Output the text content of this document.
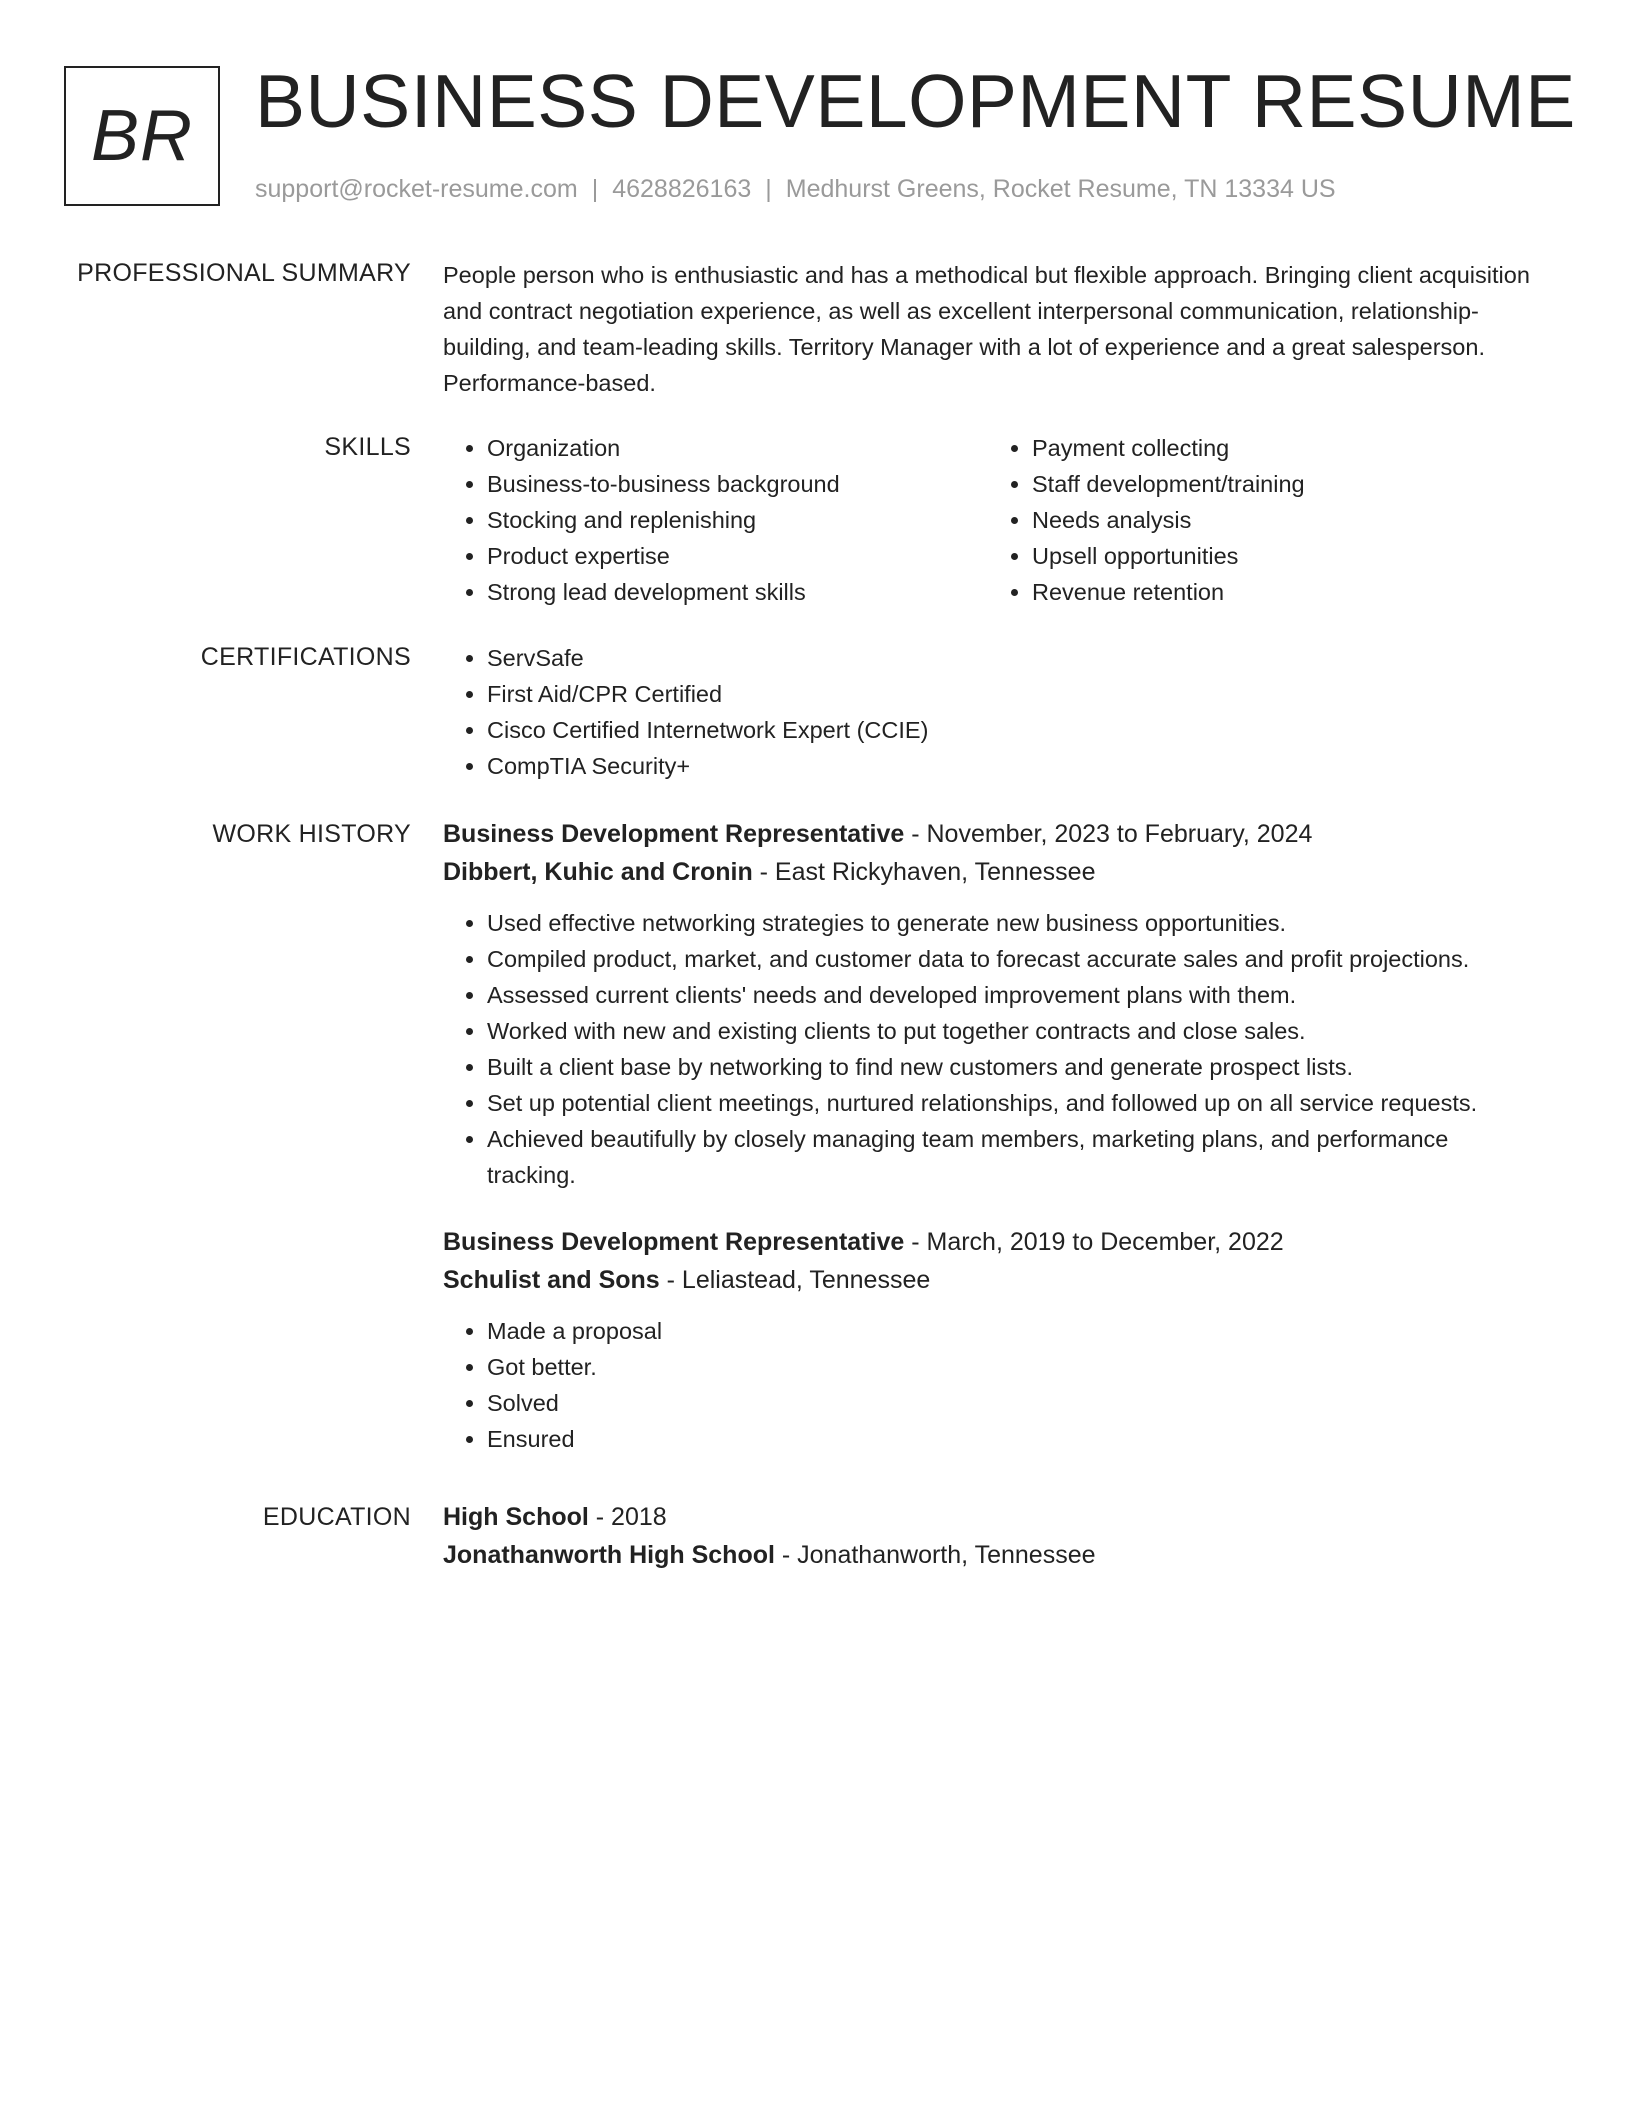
BR BUSINESS DEVELOPMENT RESUME
support@rocket-resume.com | 4628826163 | Medhurst Greens, Rocket Resume, TN 13334 US
PROFESSIONAL SUMMARY People person who is enthusiastic and has a methodical but flexible approach. Bringing client acquisition and contract negotiation experience, as well as excellent interpersonal communication, relationship-building, and team-leading skills. Territory Manager with a lot of experience and a great salesperson. Performance-based.

SKILLS	• Organization
• Business-to-business background
• Stocking and replenishing
• Product expertise
• Strong lead development skills
• Payment collecting
• Staff development/training
• Needs analysis
• Upsell opportunities
• Revenue retention
CERTIFICATIONS	• ServSafe
• First Aid/CPR Certified
• Cisco Certified Internetwork Expert (CCIE)
• CompTIA Security+
WORK HISTORY Business Development Representative - November, 2023 to February, 2024
Dibbert, Kuhic and Cronin - East Rickyhaven, Tennessee
• Used effective networking strategies to generate new business opportunities.
• Compiled product, market, and customer data to forecast accurate sales and profit projections.
• Assessed current clients' needs and developed improvement plans with them.
• Worked with new and existing clients to put together contracts and close sales.
• Built a client base by networking to find new customers and generate prospect lists.
• Set up potential client meetings, nurtured relationships, and followed up on all service requests.
• Achieved beautifully by closely managing team members, marketing plans, and performance tracking.
Business Development Representative - March, 2019 to December, 2022
Schulist and Sons - Leliastead, Tennessee
• Made a proposal
• Got better.
• Solved
• Ensured
EDUCATION High School - 2018
Jonathanworth High School - Jonathanworth, Tennessee
